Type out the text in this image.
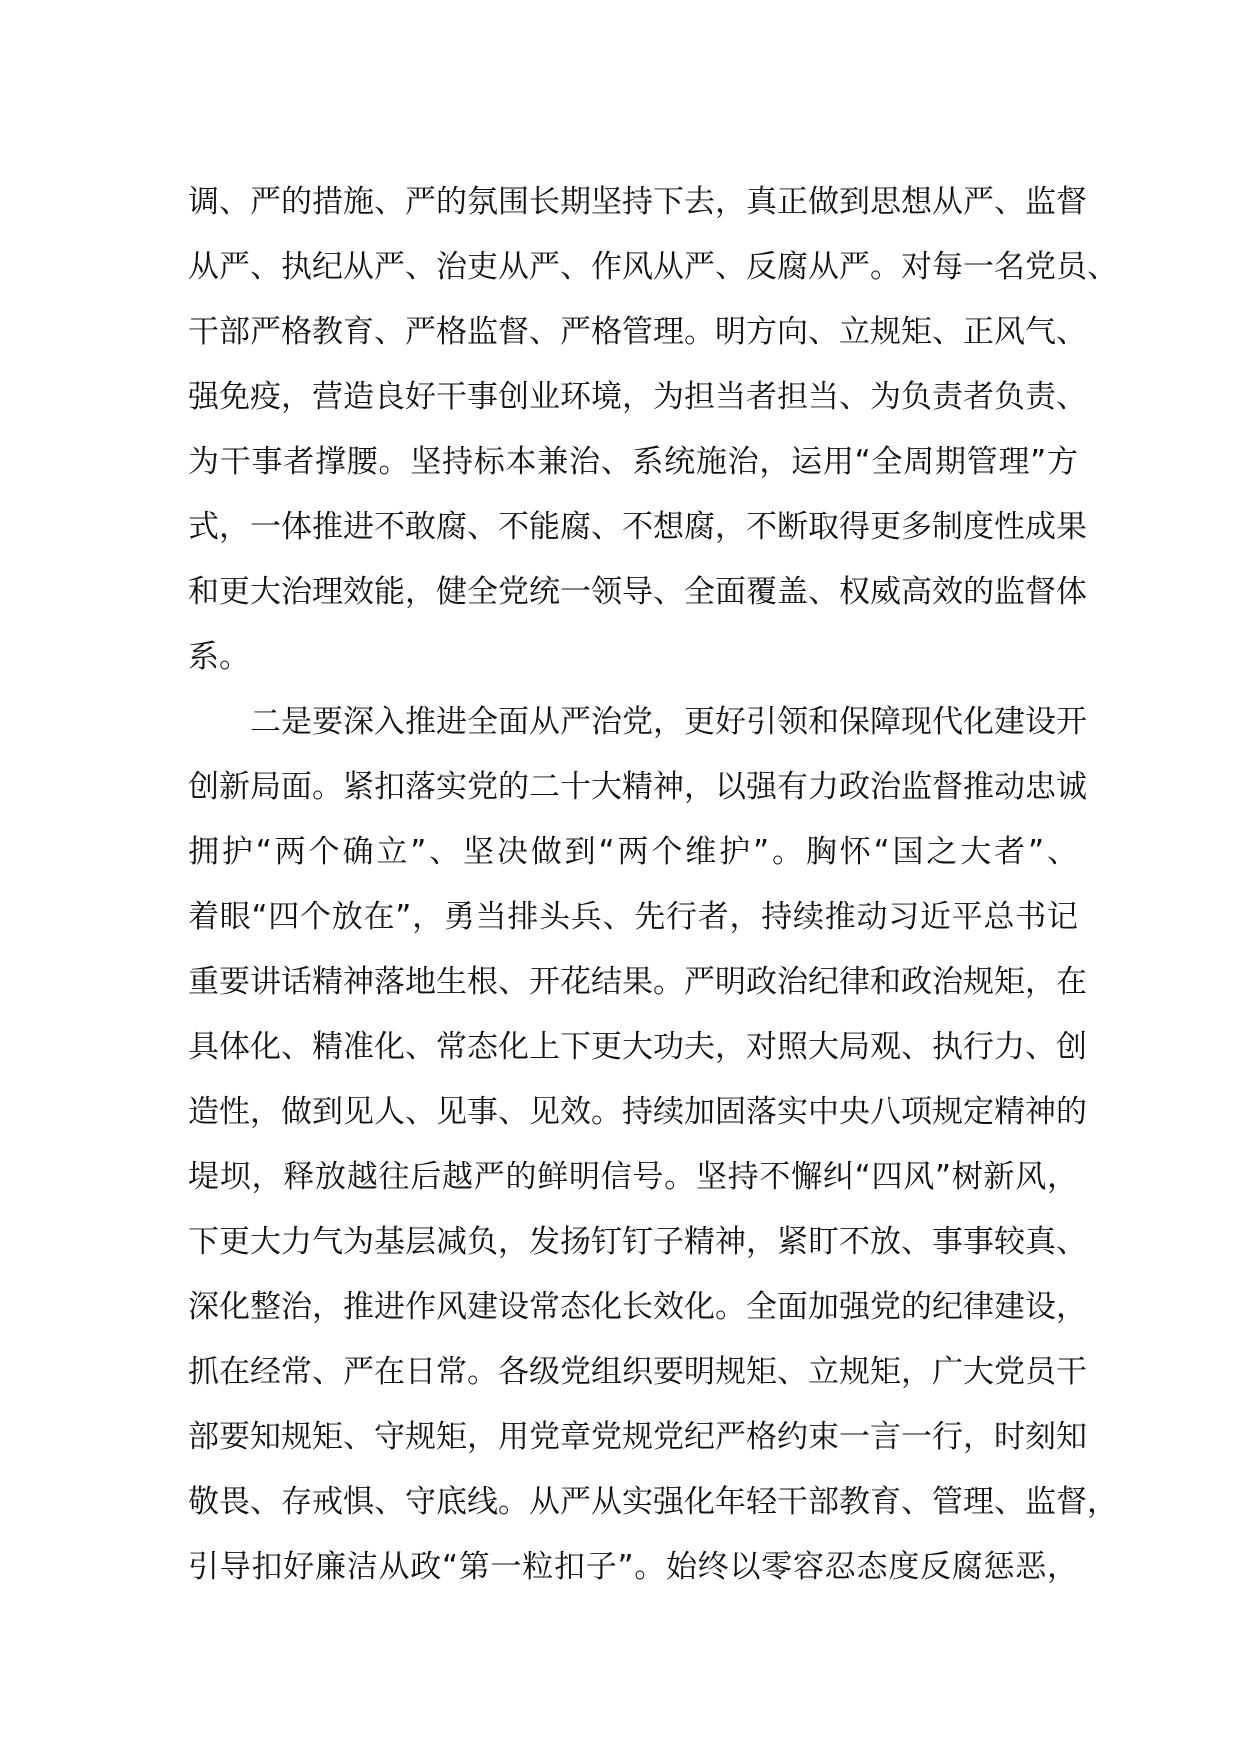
调、严的措施、严的氛围长期坚持下去，真正做到思想从严、监督
从严、执纪从严、治吏从严、作风从严、反腐从严。对每一名党员、
干部严格教育、严格监督、严格管理。明方向、立规矩、正风气、
强免疫，营造良好干事创业环境，为担当者担当、为负责者负责、
为干事者撑腰。坚持标本兼治、系统施治，运用“全周期管理”方
式，一体推进不敢腐、不能腐、不想腐，不断取得更多制度性成果
和更大治理效能，健全党统一领导、全面覆盖、权威高效的监督体
系。
二是要深入推进全面从严治党，更好引领和保障现代化建设开
创新局面。紧扣落实党的二十大精神，以强有力政治监督推动忠诚
拥护“两个确立”、坚决做到“两个维护”。胸怀“国之大者”、
着眼“四个放在”，勇当排头兵、先行者，持续推动习近平总书记
重要讲话精神落地生根、开花结果。严明政治纪律和政治规矩，在
具体化、精准化、常态化上下更大功夫，对照大局观、执行力、创
造性，做到见人、见事、见效。持续加固落实中央八项规定精神的
堤坝，释放越往后越严的鲜明信号。坚持不懈纠“四风”树新风，
下更大力气为基层减负，发扬钉钉子精神，紧盯不放、事事较真、
深化整治，推进作风建设常态化长效化。全面加强党的纪律建设，
抓在经常、严在日常。各级党组织要明规矩、立规矩，广大党员干
部要知规矩、守规矩，用党章党规党纪严格约束一言一行，时刻知
敬畏、存戒惧、守底线。从严从实强化年轻干部教育、管理、监督，
引导扣好廉洁从政“第一粒扣子”。始终以零容忍态度反腐惩恶，
